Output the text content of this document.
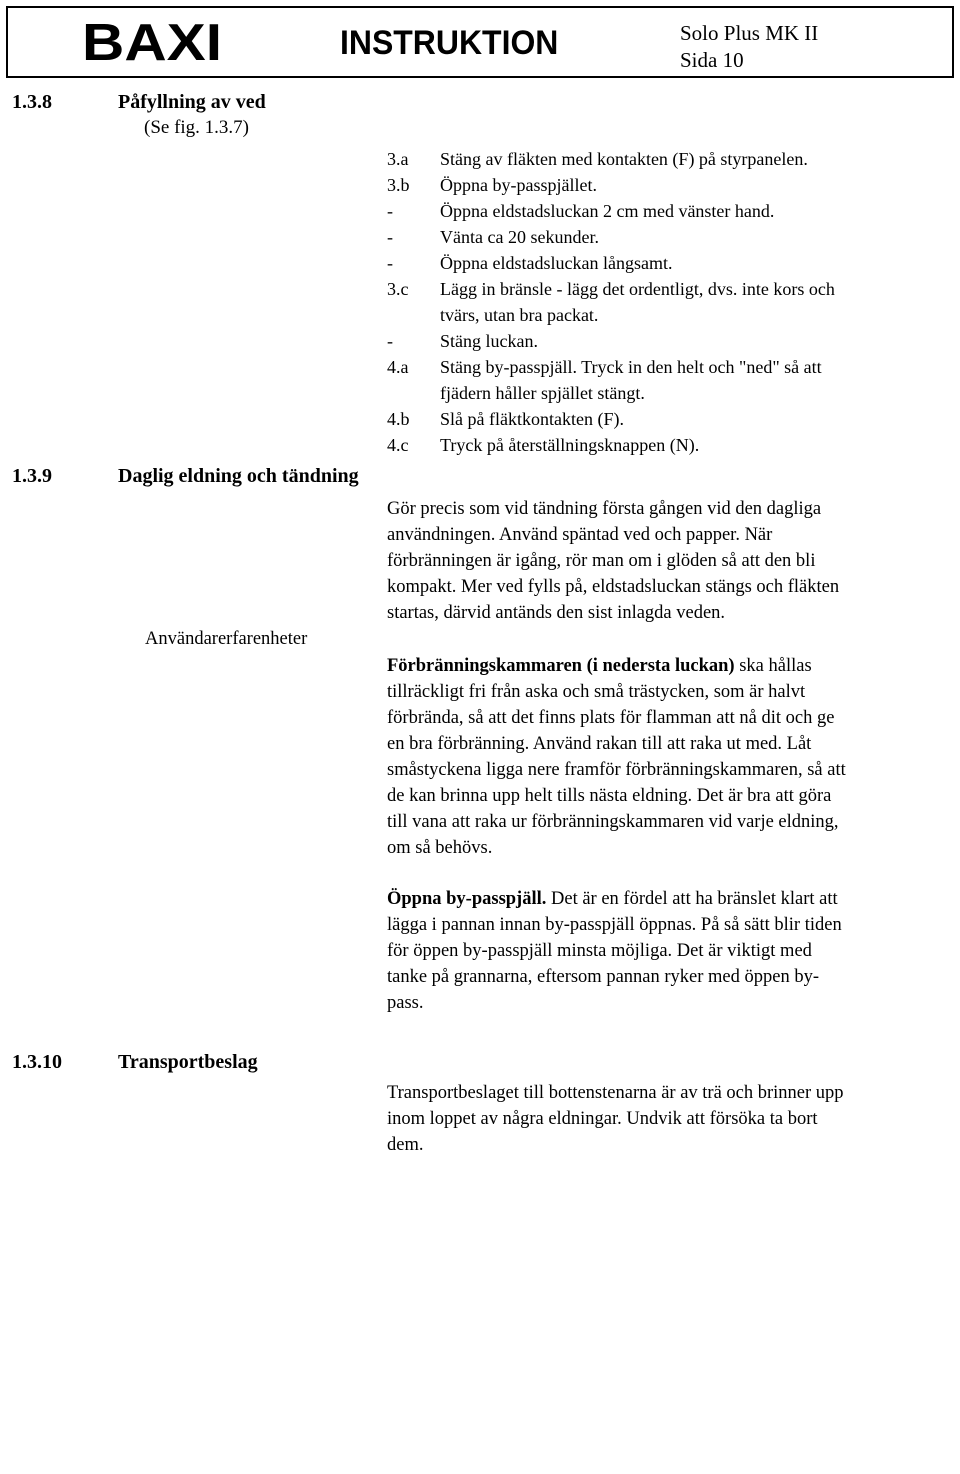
BAXI	INSTRUKTION	Solo Plus MK II
Sida 10
1.3.8	Påfyllning av ved
(Se fig. 1.3.7)
3.a Stäng av fläkten med kontakten (F) på styrpanelen.
3.b Öppna by-passpjället.
-	Öppna eldstadsluckan 2 cm med vänster hand.
-	Vänta ca 20 sekunder.
-	Öppna eldstadsluckan långsamt.
3.c Lägg in bränsle - lägg det ordentligt, dvs. inte kors och
tvärs, utan bra packat.
-	Stäng luckan.
4.a Stäng by-passpjäll. Tryck in den helt och "ned" så att
fjädern håller spjället stängt.
4.b Slå på fläktkontakten (F).
4.c Tryck på återställningsknappen (N).
1.3.9	Daglig eldning och tändning
Användarerfarenheter
Gör precis som vid tändning första gången vid den dagliga
användningen. Använd späntad ved och papper. När
förbränningen är igång, rör man om i glöden så att den bli
kompakt. Mer ved fylls på, eldstadsluckan stängs och fläkten
startas, därvid antänds den sist inlagda veden.
Förbränningskammaren (i nedersta luckan) ska hållas
tillräckligt fri från aska och små trästycken, som är halvt
förbrända, så att det finns plats för flamman att nå dit och ge
en bra förbränning. Använd rakan till att raka ut med. Låt
småstyckena ligga nere framför förbränningskammaren, så att
de kan brinna upp helt tills nästa eldning. Det är bra att göra
till vana att raka ur förbränningskammaren vid varje eldning,
om så behövs.
Öppna by-passpjäll. Det är en fördel att ha bränslet klart att
lägga i pannan innan by-passpjäll öppnas. På så sätt blir tiden
för öppen by-passpjäll minsta möjliga. Det är viktigt med
tanke på grannarna, eftersom pannan ryker med öppen by-
pass.
1.3.10	Transportbeslag
Transportbeslaget till bottenstenarna är av trä och brinner upp
inom loppet av några eldningar. Undvik att försöka ta bort
dem.
